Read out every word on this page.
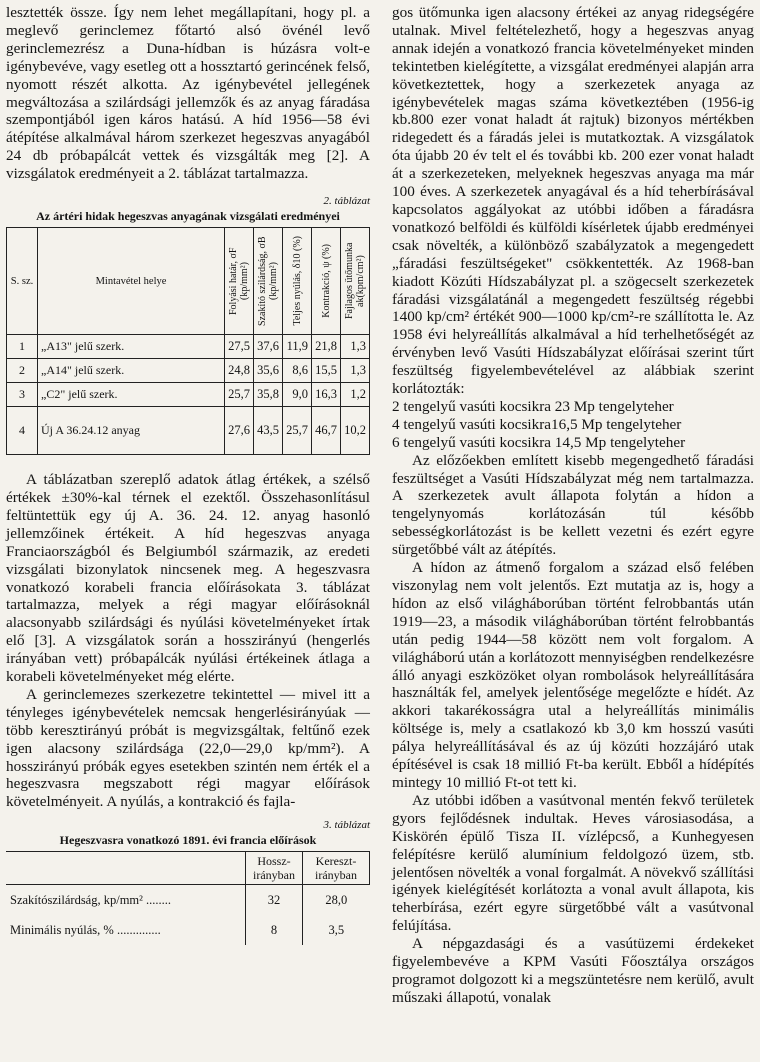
lesztették össze. Így nem lehet megállapítani, hogy pl. a meglevő gerinclemez főtartó alsó övénél levő gerinclemezrész a Duna-hídban is húzásra volt-e igénybevéve, vagy esetleg ott a hossztartó gerincének felső, nyomott részét alkotta. Az igénybevétel jellegének megváltozása a szilárdsági jellemzők és az anyag fáradása szempontjából igen káros hatású. A híd 1956—58 évi átépítése alkalmával három szerkezet hegeszvas anyagából 24 db próbapálcát vettek és vizsgálták meg [2]. A vizsgálatok eredményeit a 2. táblázat tartalmazza.

2. táblázat
Az ártéri hidak hegeszvas anyagának vizsgálati eredményei
S. sz.	Mintavétel helye	Folyási határ, σF (kp/mm²)	Szakító szilárdság, σB (kp/mm²)	Teljes nyúlás, δ10 (%)	Kontrakció, ψ (%)	Fajlagos ütőmunka ak(kpm/cm²)

1	„A13" jelű szerk.	27,5	37,6	11,9	21,8	1,3
2	„A14" jelű szerk.	24,8	35,6	8,6	15,5	1,3
3	„C2" jelű szerk.	25,7	35,8	9,0	16,3	1,2
4	Új A 36.24.12 anyag	27,6	43,5	25,7	46,7	10,2

A táblázatban szereplő adatok átlag értékek, a szélső értékek ±30%-kal térnek el ezektől. Összehasonlításul feltüntettük egy új A. 36. 24. 12. anyag hasonló jellemzőinek értékeit. A híd hegeszvas anyaga Franciaországból és Belgiumból származik, az eredeti vizsgálati bizonylatok nincsenek meg. A hegeszvasra vonatkozó korabeli francia előírásokata 3. táblázat tartalmazza, melyek a régi magyar előírásoknál alacsonyabb szilárdsági és nyúlási követelményeket írtak elő [3]. A vizsgálatok során a hosszirányú (hengerlés irányában vett) próbapálcák nyúlási értékeinek átlaga a korabeli követelményeket még elérte.

A gerinclemezes szerkezetre tekintettel — mivel itt a tényleges igénybevételek nemcsak hengerlésirányúak — több keresztirányú próbát is megvizsgáltak, feltűnő ezek igen alacsony szilárdsága (22,0—29,0 kp/mm²). A hosszirányú próbák egyes esetekben szintén nem érték el a hegeszvasra megszabott régi magyar előírások követelményeit. A nyúlás, a kontrakció és fajla-

3. táblázat
Hegeszvasra vonatkozó 1891. évi francia előírások
	Hossz-irányban	Kereszt-irányban
Szakítószilárdság, kp/mm² ........	32	28,0
Minimális nyúlás, % ..............	8	3,5

gos ütőmunka igen alacsony értékei az anyag ridegségére utalnak. Mivel feltételezhető, hogy a hegeszvas anyag annak idején a vonatkozó francia követelményeket minden tekintetben kielégítette, a vizsgálat eredményei alapján arra következtettek, hogy a szerkezetek anyaga az igénybevételek magas száma következtében (1956-ig kb.800 ezer vonat haladt át rajtuk) bizonyos mértékben ridegedett és a fáradás jelei is mutatkoztak. A vizsgálatok óta újabb 20 év telt el és további kb. 200 ezer vonat haladt át a szerkezeteken, melyeknek hegeszvas anyaga ma már 100 éves. A szerkezetek anyagával és a híd teherbírásával kapcsolatos aggályokat az utóbbi időben a fáradásra vonatkozó belföldi és külföldi kísérletek újabb eredményei csak növelték, a különböző szabályzatok a megengedett „fáradási feszültségeket" csökkentették. Az 1968-ban kiadott Közúti Hídszabályzat pl. a szögecselt szerkezetek fáradási vizsgálatánál a megengedett feszültség régebbi 1400 kp/cm² értékét 900—1000 kp/cm²-re szállította le. Az 1958 évi helyreállítás alkalmával a híd terhelhetőségét az érvényben levő Vasúti Hídszabályzat előírásai szerint tűrt feszültség figyelembevételével az alábbiak szerint korlátozták:

2 tengelyű vasúti kocsikra 23 Mp tengelyteher

4 tengelyű vasúti kocsikra16,5 Mp tengelyteher

6 tengelyű vasúti kocsikra 14,5 Mp tengelyteher

Az előzőekben említett kisebb megengedhető fáradási feszültséget a Vasúti Hídszabályzat még nem tartalmazza. A szerkezetek avult állapota folytán a hídon a tengelynyomás korlátozásán túl később sebességkorlátozást is be kellett vezetni és ezért egyre sürgetőbbé vált az átépítés.

A hídon az átmenő forgalom a század első felében viszonylag nem volt jelentős. Ezt mutatja az is, hogy a hídon az első világháborúban történt felrobbantás után 1919—23, a második világháborúban történt felrobbantás után pedig 1944—58 között nem volt forgalom. A világháború után a korlátozott mennyiségben rendelkezésre álló anyagi eszközöket olyan rombolások helyreállítására használták fel, amelyek jelentősége megelőzte e hídét. Az akkori takarékosságra utal a helyreállítás minimális költsége is, mely a csatlakozó kb 3,0 km hosszú vasúti pálya helyreállításával és az új közúti hozzájáró utak építésével is csak 18 millió Ft-ba került. Ebből a hídépítés mintegy 10 millió Ft-ot tett ki.

Az utóbbi időben a vasútvonal mentén fekvő területek gyors fejlődésnek indultak. Heves városiasodása, a Kiskörén épülő Tisza II. vízlépcső, a Kunhegyesen felépítésre kerülő alumínium feldolgozó üzem, stb. jelentősen növelték a vonal forgalmát. A növekvő szállítási igények kielégítését korlátozta a vonal avult állapota, kis teherbírása, ezért egyre sürgetőbbé vált a vasútvonal felújítása.

A népgazdasági és a vasútüzemi érdekeket figyelembevéve a KPM Vasúti Főosztálya országos programot dolgozott ki a megszüntetésre nem kerülő, avult műszaki állapotú, vonalak
